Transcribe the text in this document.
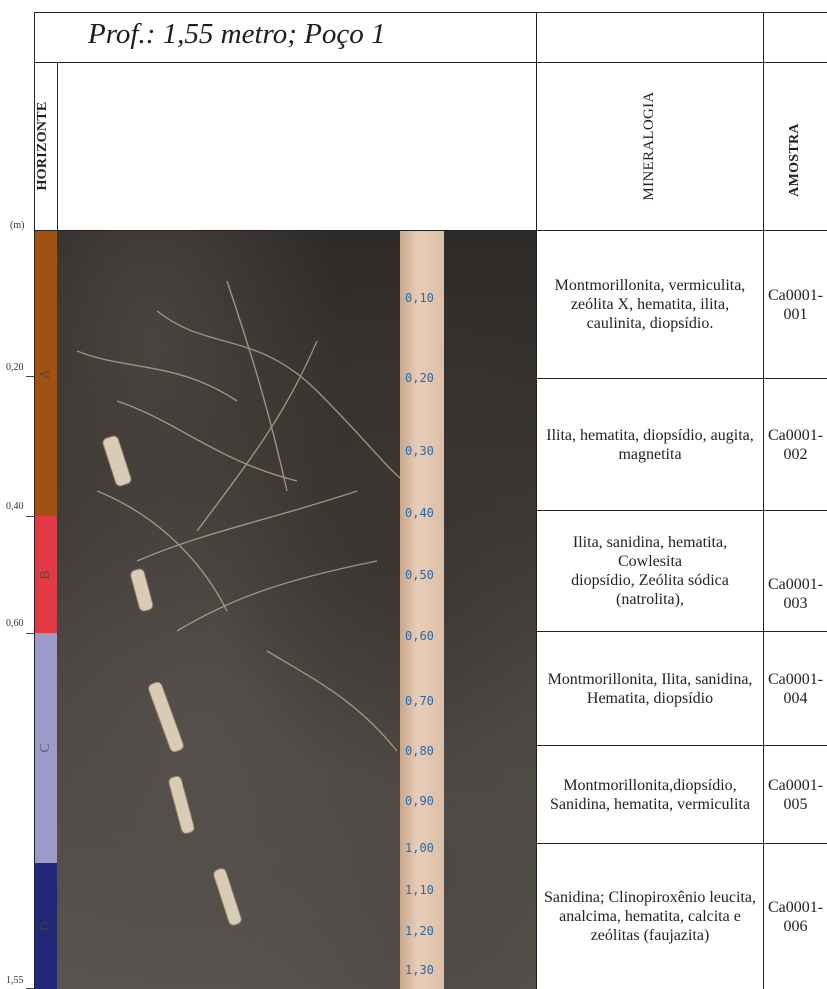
Prof.: 1,55 metro; Poço 1
HORIZONTE	MINERALOGIA	AMOSTRA
(m)
0,20
0,40
0,60
1,55
A
B
C
D
0,10
0,20
0,30
0,40
0,50
0,60
0,70
0,80
0,90
1,00
1,10
1,20
1,30
Montmorillonita, vermiculita, zeólita X, hematita, ilita, caulinita, diopsídio.
Ilita, hematita, diopsídio, augita, magnetita
Ilita, sanidina, hematita, Cowlesita
diopsídio, Zeólita sódica (natrolita),
Montmorillonita, Ilita, sanidina, Hematita, diopsídio
Montmorillonita,diopsídio, Sanidina, hematita, vermiculita
Sanidina; Clinopiroxênio leucita, analcima, hematita, calcita e zeólitas (faujazita)
Ca0001-
001
Ca0001-
002
Ca0001-
003
Ca0001-
004
Ca0001-
005
Ca0001-
006
